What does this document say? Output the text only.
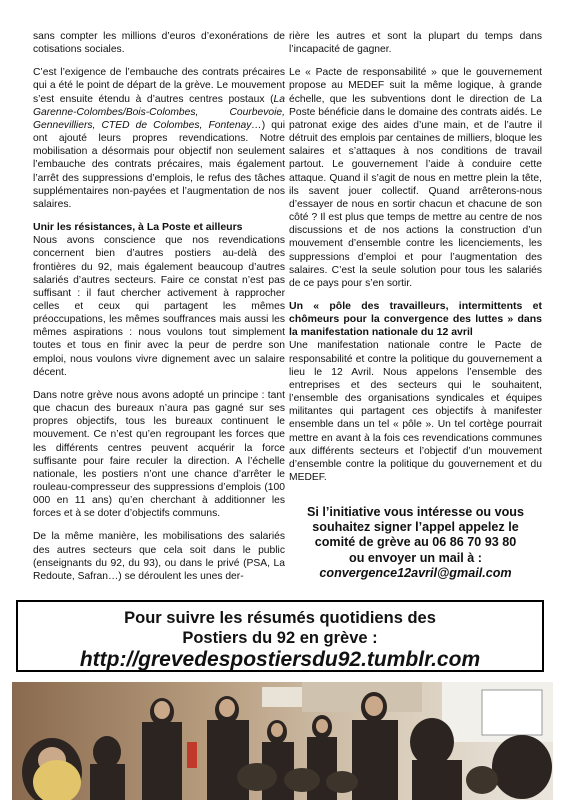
sans compter les millions d’euros d’exonérations de cotisations sociales.

C’est l’exigence de l’embauche des contrats précaires qui a été le point de départ de la grève. Le mouvement s’est ensuite étendu à d’autres centres postaux (La Garenne-Colombes/Bois-Colombes, Courbevoie, Gennevilliers, CTED de Colombes, Fontenay…) qui ont ajouté leurs propres revendications. Notre mobilisation a désormais pour objectif non seulement l’embauche des contrats précaires, mais également l’arrêt des suppressions d’emplois, le refus des tâches supplémentaires non-payées et l’augmentation de nos salaires.

Unir les résistances, à La Poste et ailleurs

Nous avons conscience que nos revendications concernent bien d’autres postiers au-delà des frontières du 92, mais également beaucoup d’autres salariés d’autres secteurs. Faire ce constat n’est pas suffisant : il faut chercher activement à rapprocher celles et ceux qui partagent les mêmes préoccupations, les mêmes souffrances mais aussi les mêmes aspirations : nous voulons tout simplement toutes et tous en finir avec la peur de perdre son emploi, nous voulons vivre dignement avec un salaire décent.

Dans notre grève nous avons adopté un principe : tant que chacun des bureaux n’aura pas gagné sur ses propres objectifs, tous les bureaux continuent le mouvement. Ce n’est qu’en regroupant les forces que les différents centres peuvent acquérir la force suffisante pour faire reculer la direction. A l’échelle nationale, les postiers n’ont une chance d’arrêter le rouleau-compresseur des suppressions d’emplois (100 000 en 11 ans) qu’en cherchant à additionner les forces et à se doter d’objectifs communs.

De la même manière, les mobilisations des salariés des autres secteurs que cela soit dans le public (enseignants du 92, du 93), ou dans le privé (PSA, La Redoute, Safran…) se déroulent les unes der-

rière les autres et sont la plupart du temps dans l’incapacité de gagner.

Le « Pacte de responsabilité » que le gouvernement propose au MEDEF suit la même logique, à grande échelle, que les subventions dont le direction de La Poste bénéficie dans le domaine des contrats aidés. Le patronat exige des aides d’une main, et de l’autre il détruit des emplois par centaines de milliers, bloque les salaires et s’attaques à nos conditions de travail partout. Le gouvernement l’aide à conduire cette attaque. Quand il s’agit de nous en mettre plein la tête, ils savent jouer collectif. Quand arrêterons-nous d’essayer de nous en sortir chacun et chacune de son côté ? Il est plus que temps de mettre au centre de nos discussions et de nos actions la construction d’un mouvement d’ensemble contre les licenciements, les suppressions d’emploi et pour l’augmentation des salaires. C’est la seule solution pour tous les salariés de ce pays pour s’en sortir.

Un « pôle des travailleurs, intermittents et chômeurs pour la convergence des luttes » dans la manifestation nationale du 12 avril

Une manifestation nationale contre le Pacte de responsabilité et contre la politique du gouvernement a lieu le 12 Avril. Nous appelons l’ensemble des entreprises et des secteurs qui le souhaitent, l’ensemble des organisations syndicales et équipes militantes qui partagent ces objectifs à manifester ensemble dans un tel « pôle ». Un tel cortège pourrait mettre en avant à la fois ces revendications communes aux différents secteurs et l’objectif d’un mouvement d’ensemble contre la politique du gouvernement et du MEDEF.

Si l’initiative vous intéresse ou vous
souhaitez signer l’appel appelez le
comité de grève au 06 86 70 93 80
ou envoyer un mail à :
convergence12avril@gmail.com
Pour suivre les résumés quotidiens des
Postiers du 92 en grève :
http://grevedespostiersdu92.tumblr.com
